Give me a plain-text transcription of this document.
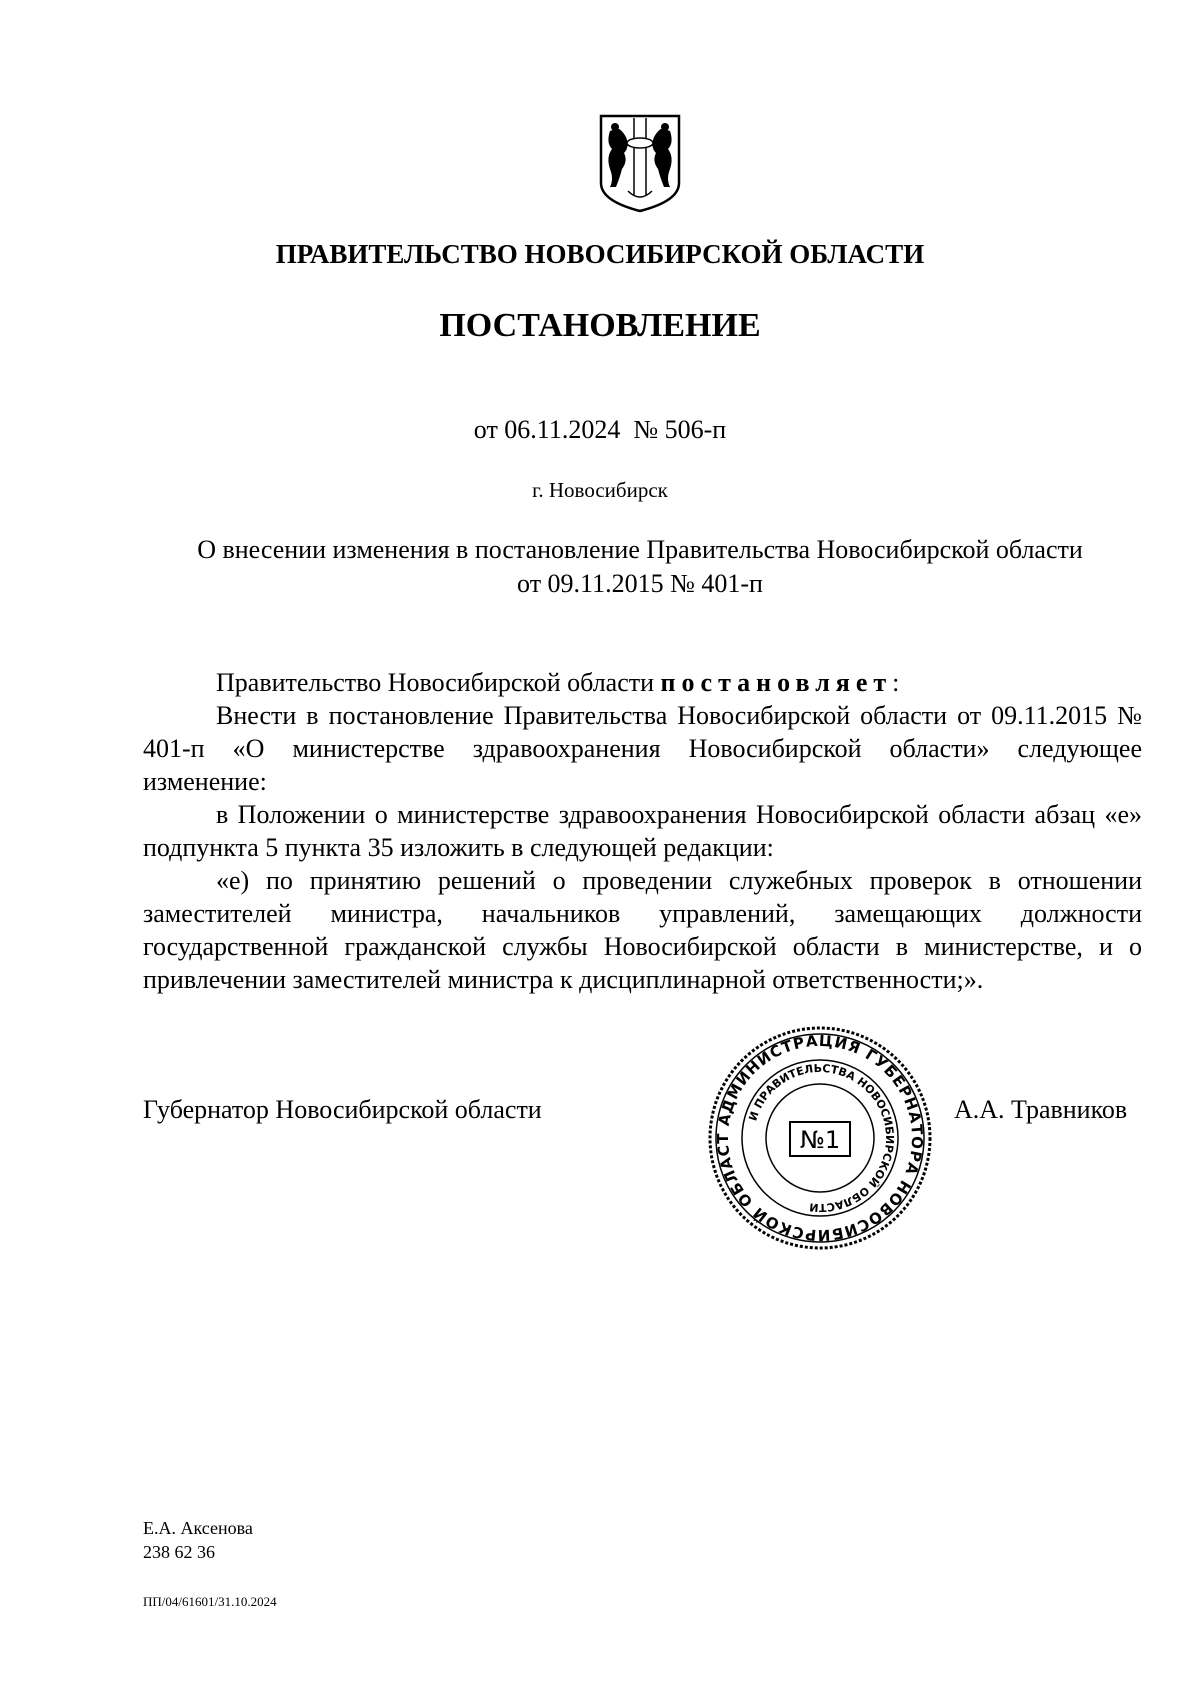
ПРАВИТЕЛЬСТВО НОВОСИБИРСКОЙ ОБЛАСТИ
ПОСТАНОВЛЕНИЕ
от 06.11.2024  № 506-п
г. Новосибирск
О внесении изменения в постановление Правительства Новосибирской области
от 09.11.2015 № 401-п

Правительство Новосибирской области постановляет:

Внести в постановление Правительства Новосибирской области от 09.11.2015 № 401-п «О министерстве здравоохранения Новосибирской области» следующее изменение:

в Положении о министерстве здравоохранения Новосибирской области абзац «е» подпункта 5 пункта 35 изложить в следующей редакции:

«е) по принятию решений о проведении служебных проверок в отношении заместителей министра, начальников управлений, замещающих должности государственной гражданской службы Новосибирской области в министерстве, и о привлечении заместителей министра к дисциплинарной ответственности;».

Губернатор Новосибирской области	АДМИНИСТРАЦИЯ ГУБЕРНАТОРА НОВОСИБИРСКОЙ ОБЛАСТ
И ПРАВИТЕЛЬСТВА НОВОСИБИРСКОЙ ОБЛАСТИ
№1
А.А. Травников
Е.А. Аксенова
238 62 36
ПП/04/61601/31.10.2024
